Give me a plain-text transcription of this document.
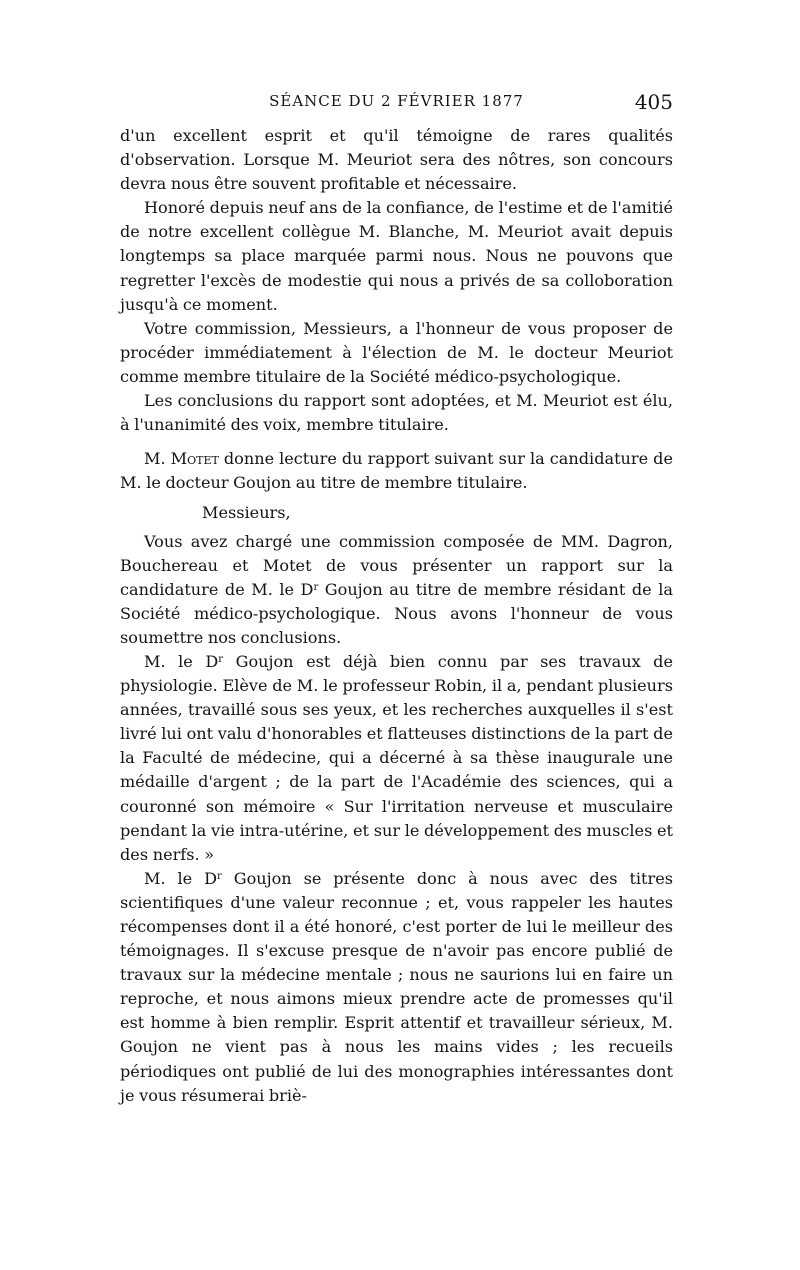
SÉANCE DU 2 FÉVRIER 1877	405

d'un excellent esprit et qu'il témoigne de rares qualités d'observation. Lorsque M. Meuriot sera des nôtres, son concours devra nous être souvent profitable et nécessaire.

Honoré depuis neuf ans de la confiance, de l'estime et de l'amitié de notre excellent collègue M. Blanche, M. Meuriot avait depuis longtemps sa place marquée parmi nous. Nous ne pouvons que regretter l'excès de modestie qui nous a privés de sa colloboration jusqu'à ce moment.

Votre commission, Messieurs, a l'honneur de vous proposer de procéder immédiatement à l'élection de M. le docteur Meuriot comme membre titulaire de la Société médico-psychologique.

Les conclusions du rapport sont adoptées, et M. Meuriot est élu, à l'unanimité des voix, membre titulaire.

M. Motet donne lecture du rapport suivant sur la candidature de M. le docteur Goujon au titre de membre titulaire.

Messieurs,

Vous avez chargé une commission composée de MM. Dagron, Bouchereau et Motet de vous présenter un rapport sur la candidature de M. le $D^r$ Goujon au titre de membre résidant de la Société médico-psychologique. Nous avons l'honneur de vous soumettre nos conclusions.

M. le $D^r$ Goujon est déjà bien connu par ses travaux de physiologie. Elève de M. le professeur Robin, il a, pendant plusieurs années, travaillé sous ses yeux, et les recherches auxquelles il s'est livré lui ont valu d'honorables et flatteuses distinctions de la part de la Faculté de médecine, qui a décerné à sa thèse inaugurale une médaille d'argent ; de la part de l'Académie des sciences, qui a couronné son mémoire « Sur l'irritation nerveuse et musculaire pendant la vie intra-utérine, et sur le développement des muscles et des nerfs. »

M. le $D^r$ Goujon se présente donc à nous avec des titres scientifiques d'une valeur reconnue ; et, vous rappeler les hautes récompenses dont il a été honoré, c'est porter de lui le meilleur des témoignages. Il s'excuse presque de n'avoir pas encore publié de travaux sur la médecine mentale ; nous ne saurions lui en faire un reproche, et nous aimons mieux prendre acte de promesses qu'il est homme à bien remplir. Esprit attentif et travailleur sérieux, M. Goujon ne vient pas à nous les mains vides ; les recueils périodiques ont publié de lui des monographies intéressantes dont je vous résumerai briè-
